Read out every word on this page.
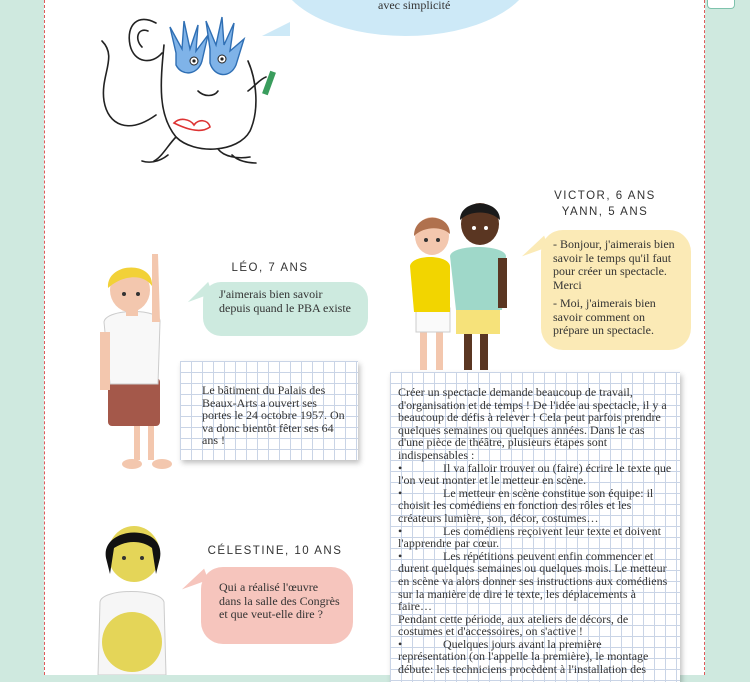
avec simplicité
LÉO, 7 ANS
J'aimerais bien savoir depuis quand le PBA existe
Le bâtiment du Palais des Beaux-Arts a ouvert ses portes le 24 octobre 1957. On va donc bientôt fêter ses 64 ans !
VICTOR, 6 ANS
YANN, 5 ANS
- Bonjour, j'aimerais bien savoir le temps qu'il faut pour créer un spectacle. Merci
- Moi, j'aimerais bien savoir comment on prépare un spectacle.
CÉLESTINE, 10 ANS
Qui a réalisé l'œuvre dans la salle des Congrès et que veut-elle dire ?
Créer un spectacle demande beaucoup de travail, d'organisation et de temps ! De l'idée au spectacle, il y a beaucoup de défis à relever ! Cela peut parfois prendre quelques semaines ou quelques années. Dans le cas d'une pièce de théâtre, plusieurs étapes sont indispensables :
•	Il va falloir trouver ou (faire) écrire le texte que l'on veut monter et le metteur en scène.
•	Le metteur en scène constitue son équipe: il choisit les comédiens en fonction des rôles et les créateurs lumière, son, décor, costumes…
•	Les comédiens reçoivent leur texte et doivent l'apprendre par cœur.
•	Les répétitions peuvent enfin commencer et durent quelques semaines ou quelques mois. Le metteur en scène va alors donner ses instructions aux comédiens sur la manière de dire le texte, les déplacements à faire…
Pendant cette période, aux ateliers de décors, de costumes et d'accessoires, on s'active !
•	Quelques jours avant la première représentation (on l'appelle la première), le montage débute: les techniciens procèdent à l'installation des
